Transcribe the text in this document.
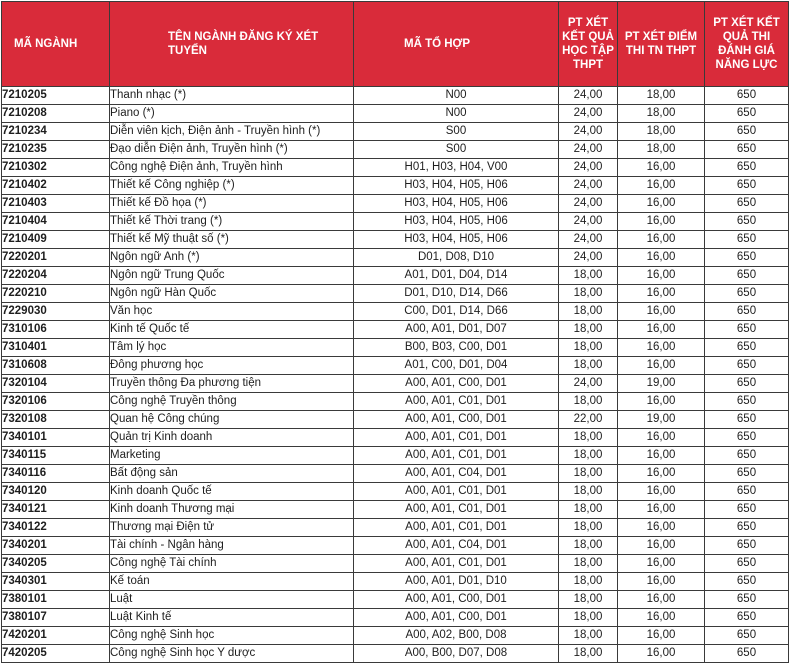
MÃ NGÀNH	TÊN NGÀNH ĐĂNG KÝ XÉT TUYỂN	MÃ TỔ HỢP	PT XÉT KẾT QUẢ HỌC TẬP THPT	PT XÉT ĐIỂM THI TN THPT	PT XÉT KẾT QUẢ THI ĐÁNH GIÁ NĂNG LỰC
7210205	Thanh nhạc (*)	N00	24,00	18,00	650
7210208	Piano (*)	N00	24,00	18,00	650
7210234	Diễn viên kịch, Điện ảnh - Truyền hình (*)	S00	24,00	18,00	650
7210235	Đạo diễn Điện ảnh, Truyền hình (*)	S00	24,00	18,00	650
7210302	Công nghệ Điện ảnh, Truyền hình	H01, H03, H04, V00	24,00	16,00	650
7210402	Thiết kế Công nghiệp (*)	H03, H04, H05, H06	24,00	16,00	650
7210403	Thiết kế Đồ họa (*)	H03, H04, H05, H06	24,00	16,00	650
7210404	Thiết kế Thời trang (*)	H03, H04, H05, H06	24,00	16,00	650
7210409	Thiết kế Mỹ thuật số (*)	H03, H04, H05, H06	24,00	16,00	650
7220201	Ngôn ngữ Anh (*)	D01, D08, D10	24,00	16,00	650
7220204	Ngôn ngữ Trung Quốc	A01, D01, D04, D14	18,00	16,00	650
7220210	Ngôn ngữ Hàn Quốc	D01, D10, D14, D66	18,00	16,00	650
7229030	Văn học	C00, D01, D14, D66	18,00	16,00	650
7310106	Kinh tế Quốc tế	A00, A01, D01, D07	18,00	16,00	650
7310401	Tâm lý học	B00, B03, C00, D01	18,00	16,00	650
7310608	Đông phương học	A01, C00, D01, D04	18,00	16,00	650
7320104	Truyền thông Đa phương tiện	A00, A01, C00, D01	24,00	19,00	650
7320106	Công nghệ Truyền thông	A00, A01, C01, D01	18,00	16,00	650
7320108	Quan hệ Công chúng	A00, A01, C00, D01	22,00	19,00	650
7340101	Quản trị Kinh doanh	A00, A01, C01, D01	18,00	16,00	650
7340115	Marketing	A00, A01, C01, D01	18,00	16,00	650
7340116	Bất động sản	A00, A01, C04, D01	18,00	16,00	650
7340120	Kinh doanh Quốc tế	A00, A01, C01, D01	18,00	16,00	650
7340121	Kinh doanh Thương mại	A00, A01, C01, D01	18,00	16,00	650
7340122	Thương mại Điện tử	A00, A01, C01, D01	18,00	16,00	650
7340201	Tài chính - Ngân hàng	A00, A01, C04, D01	18,00	16,00	650
7340205	Công nghệ Tài chính	A00, A01, C01, D01	18,00	16,00	650
7340301	Kế toán	A00, A01, D01, D10	18,00	16,00	650
7380101	Luật	A00, A01, C00, D01	18,00	16,00	650
7380107	Luật Kinh tế	A00, A01, C00, D01	18,00	16,00	650
7420201	Công nghệ Sinh học	A00, A02, B00, D08	18,00	16,00	650
7420205	Công nghệ Sinh học Y dược	A00, B00, D07, D08	18,00	16,00	650
